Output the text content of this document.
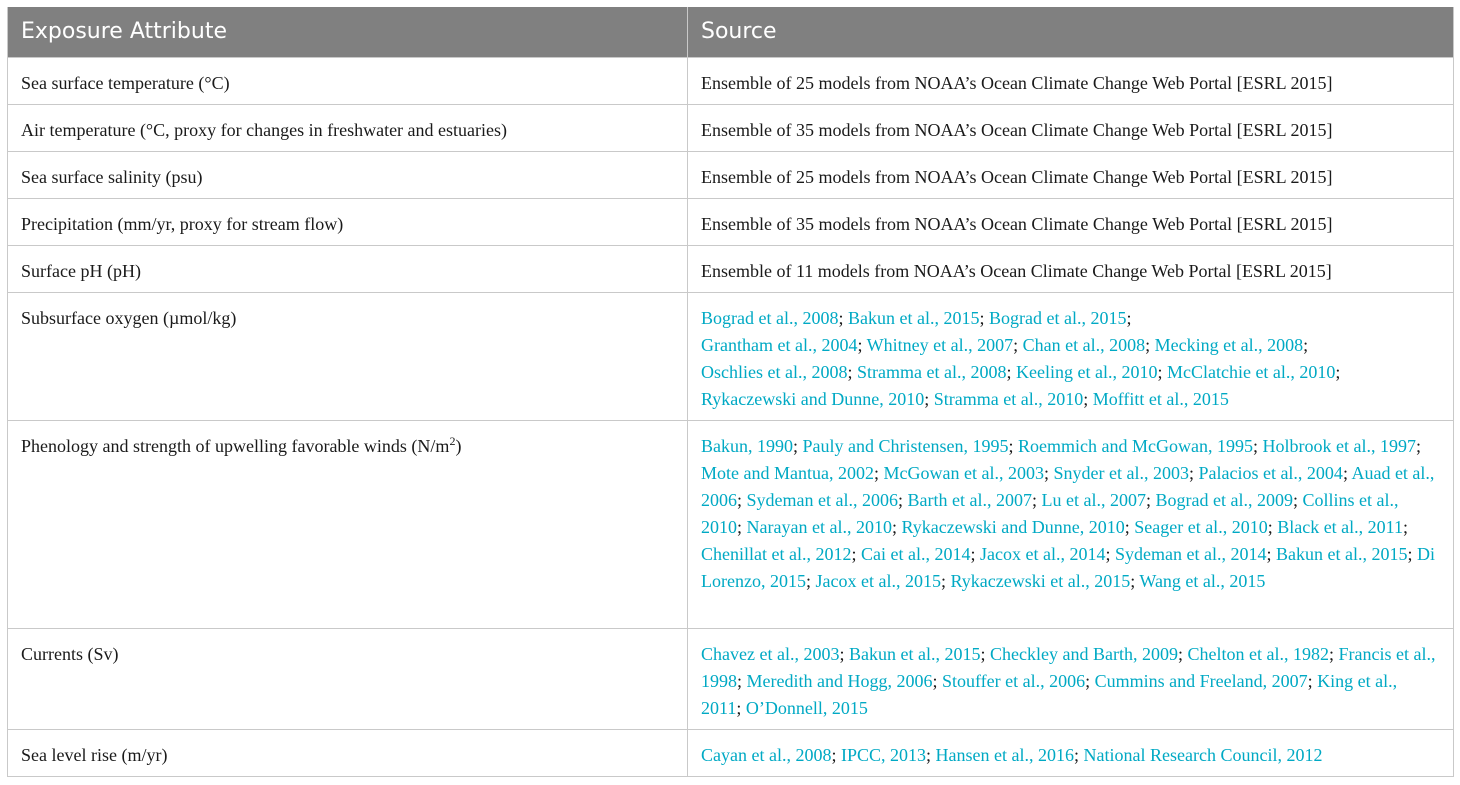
Exposure Attribute	Source
Sea surface temperature (°C)	Ensemble of 25 models from NOAA’s Ocean Climate Change Web Portal [ESRL 2015]
Air temperature (°C, proxy for changes in freshwater and estuaries)	Ensemble of 35 models from NOAA’s Ocean Climate Change Web Portal [ESRL 2015]
Sea surface salinity (psu)	Ensemble of 25 models from NOAA’s Ocean Climate Change Web Portal [ESRL 2015]
Precipitation (mm/yr, proxy for stream flow)	Ensemble of 35 models from NOAA’s Ocean Climate Change Web Portal [ESRL 2015]
Surface pH (pH)	Ensemble of 11 models from NOAA’s Ocean Climate Change Web Portal [ESRL 2015]
Subsurface oxygen (µmol/kg)	Bograd et al., 2008; Bakun et al., 2015; Bograd et al., 2015;
Grantham et al., 2004; Whitney et al., 2007; Chan et al., 2008; Mecking et al., 2008;
Oschlies et al., 2008; Stramma et al., 2008; Keeling et al., 2010; McClatchie et al., 2010;
Rykaczewski and Dunne, 2010; Stramma et al., 2010; Moffitt et al., 2015
Phenology and strength of upwelling favorable winds $(N/m^2)$	Bakun, 1990; Pauly and Christensen, 1995; Roemmich and McGowan, 1995; Holbrook et al., 1997; Mote and Mantua, 2002; McGowan et al., 2003; Snyder et al., 2003; Palacios et al., 2004; Auad et al., 2006; Sydeman et al., 2006; Barth et al., 2007; Lu et al., 2007; Bograd et al., 2009; Collins et al., 2010; Narayan et al., 2010; Rykaczewski and Dunne, 2010; Seager et al., 2010; Black et al., 2011; Chenillat et al., 2012; Cai et al., 2014; Jacox et al., 2014; Sydeman et al., 2014; Bakun et al., 2015; Di Lorenzo, 2015; Jacox et al., 2015; Rykaczewski et al., 2015; Wang et al., 2015
Currents (Sv)	Chavez et al., 2003; Bakun et al., 2015; Checkley and Barth, 2009; Chelton et al., 1982; Francis et al., 1998; Meredith and Hogg, 2006; Stouffer et al., 2006; Cummins and Freeland, 2007; King et al., 2011; O’Donnell, 2015
Sea level rise (m/yr)	Cayan et al., 2008; IPCC, 2013; Hansen et al., 2016; National Research Council, 2012
